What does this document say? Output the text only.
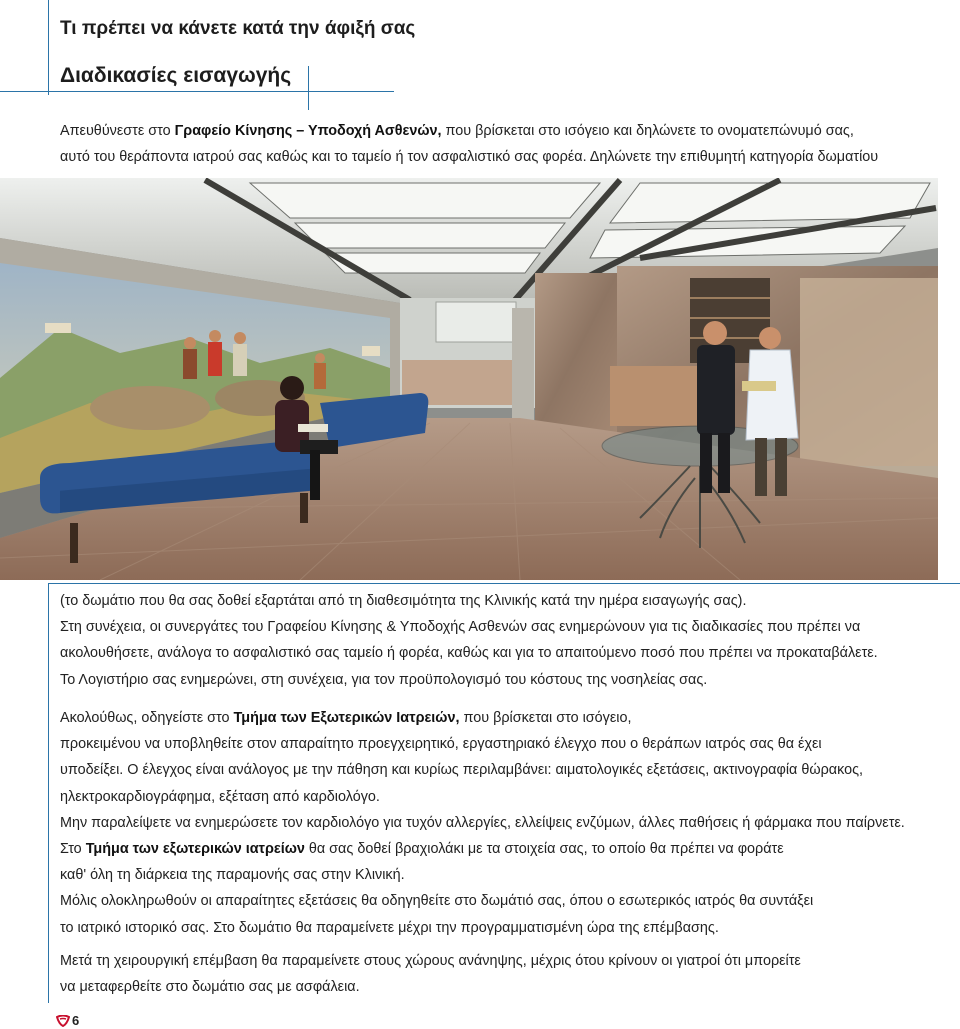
Τι πρέπει να κάνετε κατά την άφιξή σας
Διαδικασίες εισαγωγής
Απευθύνεστε στο Γραφείο Κίνησης – Υποδοχή Ασθενών, που βρίσκεται στο ισόγειο και δηλώνετε το ονοματεπώνυμό σας,
αυτό του θεράποντα ιατρού σας καθώς και το ταμείο ή τον ασφαλιστικό σας φορέα. Δηλώνετε την επιθυμητή κατηγορία δωματίου
(το δωμάτιο που θα σας δοθεί εξαρτάται από τη διαθεσιμότητα της Κλινικής κατά την ημέρα εισαγωγής σας).
Στη συνέχεια, οι συνεργάτες του Γραφείου Κίνησης & Υποδοχής Ασθενών σας ενημερώνουν για τις διαδικασίες που πρέπει να
ακολουθήσετε, ανάλογα το ασφαλιστικό σας ταμείο ή φορέα, καθώς και για το απαιτούμενο ποσό που πρέπει να προκαταβάλετε.
Το Λογιστήριο σας ενημερώνει, στη συνέχεια, για τον προϋπολογισμό του κόστους της νοσηλείας σας.
Ακολούθως, οδηγείστε στο Τμήμα των Εξωτερικών Ιατρειών, που βρίσκεται στο ισόγειο,
προκειμένου να υποβληθείτε στον απαραίτητο προεγχειρητικό, εργαστηριακό έλεγχο που ο θεράπων ιατρός σας θα έχει
υποδείξει. Ο έλεγχος είναι ανάλογος με την πάθηση και κυρίως περιλαμβάνει: αιματολογικές εξετάσεις, ακτινογραφία θώρακος,
ηλεκτροκαρδιογράφημα, εξέταση από καρδιολόγο.
Μην παραλείψετε να ενημερώσετε τον καρδιολόγο για τυχόν αλλεργίες, ελλείψεις ενζύμων, άλλες παθήσεις ή φάρμακα που παίρνετε.
Στο Τμήμα των εξωτερικών ιατρείων θα σας δοθεί βραχιολάκι με τα στοιχεία σας, το οποίο θα πρέπει να φοράτε
καθ' όλη τη διάρκεια της παραμονής σας στην Κλινική.
Μόλις ολοκληρωθούν οι απαραίτητες εξετάσεις θα οδηγηθείτε στο δωμάτιό σας, όπου ο εσωτερικός ιατρός θα συντάξει
το ιατρικό ιστορικό σας. Στο δωμάτιο θα παραμείνετε μέχρι την προγραμματισμένη ώρα της επέμβασης.
Μετά τη χειρουργική επέμβαση θα παραμείνετε στους χώρους ανάνηψης, μέχρις ότου κρίνουν οι γιατροί ότι μπορείτε
να μεταφερθείτε στο δωμάτιο σας με ασφάλεια.
6
